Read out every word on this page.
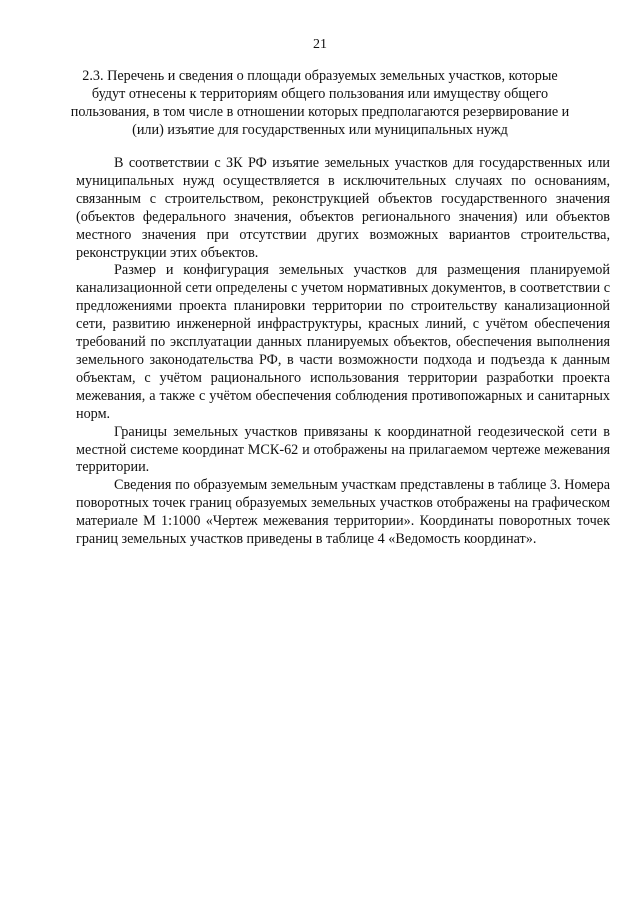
21
2.3. Перечень и сведения о площади образуемых земельных участков, которые будут отнесены к территориям общего пользования или имуществу общего пользования, в том числе в отношении которых предполагаются резервирование и (или) изъятие для государственных или муниципальных нужд

В соответствии с ЗК РФ изъятие земельных участков для государственных или муниципальных нужд осуществляется в исключительных случаях по основаниям, связанным с строительством, реконструкцией объектов государственного значения (объектов федерального значения, объектов регионального значения) или объектов местного значения при отсутствии других возможных вариантов строительства, реконструкции этих объектов.

Размер и конфигурация земельных участков для размещения планируемой канализационной сети определены с учетом нормативных документов, в соответствии с предложениями проекта планировки территории по строительству канализационной сети, развитию инженерной инфраструктуры, красных линий, с учётом обеспечения требований по эксплуатации данных планируемых объектов, обеспечения выполнения земельного законодательства РФ, в части возможности подхода и подъезда к данным объектам, с учётом рационального использования территории разработки проекта межевания, а также с учётом обеспечения соблюдения противопожарных и санитарных норм.

Границы земельных участков привязаны к координатной геодезической сети в местной системе координат МСК-62 и отображены на прилагаемом чертеже межевания территории.

Сведения по образуемым земельным участкам представлены в таблице 3. Номера поворотных точек границ образуемых земельных участков отображены на графическом материале М 1:1000 «Чертеж межевания территории». Координаты поворотных точек границ земельных участков приведены в таблице 4 «Ведомость координат».
